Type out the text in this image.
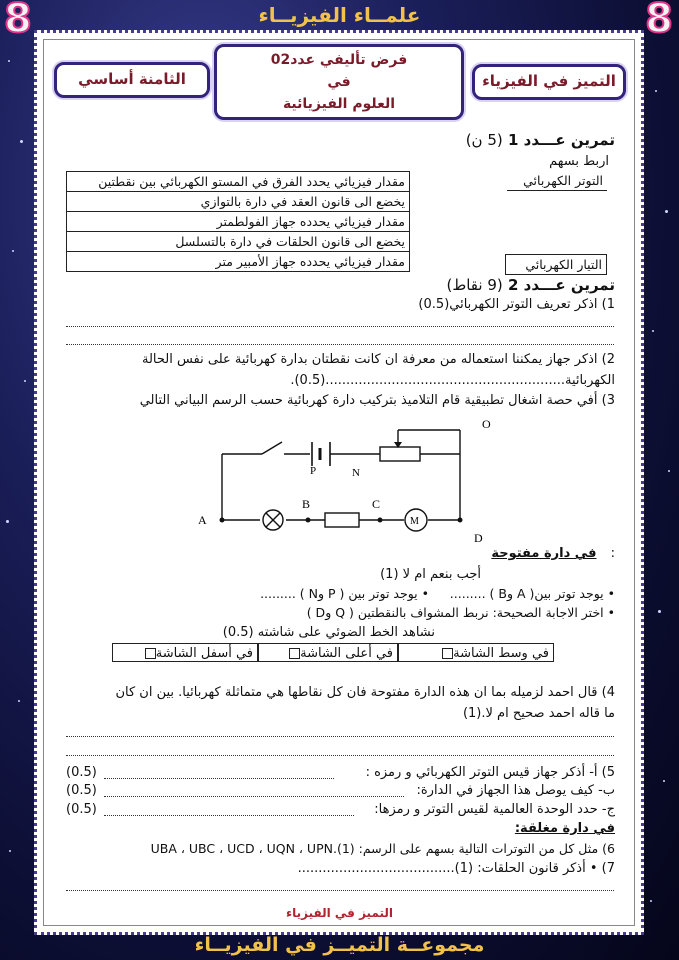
8	8
علمــاء الفيزيــاء
التميز في الفيزياء
فرض تأليفي عدد02
في
العلوم الفيزيائية
الثامنة أساسي
تمرين عـــدد 1 (5 ن)
اربط بسهم
التوتر الكهربائي
التيار الكهربائي
مقدار فيزيائي يحدد الفرق في المستو الكهربائي بين نقطتين
يخضع الى قانون العقد في دارة بالتوازي
مقدار فيزيائي يحدده جهاز الفولطمتر
يخضع الى قانون الحلقات في دارة بالتسلسل
مقدار فيزيائي يحدده جهاز الأمبير متر
تمرين عـــدد 2 (9 نقاط)
1) اذكر تعريف التوتر الكهربائي(0.5)
2) اذكر جهاز يمكننا استعماله من معرفة ان كانت نقطتان بدارة كهربائية على نفس الحالة
الكهربائية..........................................................(0.5).
3) أفي حصة اشغال تطبيقية قام التلاميذ بتركيب دارة كهربائية حسب الرسم البياني التالي
O
P	N
B	C
A
D
M
: في دارة مفتوحة
أجب بنعم ام لا (1)
• يوجد توتر بين( A وB ) .........
• يوجد توتر بين ( P وN ) .........
• اختر الاجابة الصحيحة: نربط المشواف بالنقطتين ( Q وD )
نشاهد الخط الضوئي على شاشته (0.5)
في وسط الشاشة
في أعلى الشاشة
في أسفل الشاشة
4) قال احمد لزميله بما ان هذه الدارة مفتوحة فان كل نقاطها هي متماثلة كهربائيا. بين ان كان
ما قاله احمد صحيح ام لا.(1)
5) أ- أذكر جهاز قيس التوتر الكهربائي و رمزه :
(0.5)
ب- كيف يوصل هذا الجهاز في الدارة:
(0.5)
ج- حدد الوحدة العالمية لقيس التوتر و رمزها:
(0.5)
في دارة مغلقة:
6) مثل كل من التوترات التالية بسهم على الرسم: UBA ، UBC ، UCD ، UQN ، UPN.(1)
7) • أذكر قانون الحلقات: (1)......................................
التميز في الفيزياء
مجموعــة التميــز في الفيزيــاء
